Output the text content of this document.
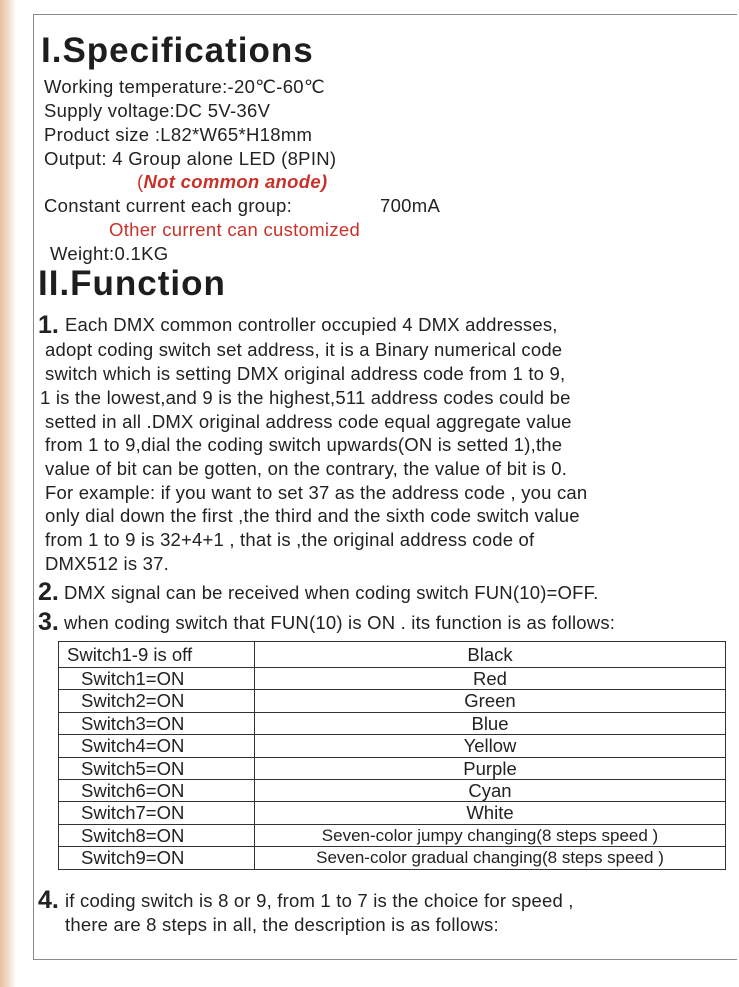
I.Specifications
Working temperature:-20℃-60℃
Supply voltage:DC 5V-36V
Product size :L82*W65*H18mm
Output: 4 Group alone LED (8PIN)
(Not common anode)
Constant current each group:	700mA
Other current can customized
Weight:0.1KG
II.Function
1. Each DMX common controller occupied 4 DMX addresses,
adopt coding switch set address, it is a Binary numerical code
switch which is setting DMX original address code from 1 to 9,
1 is the lowest,and 9 is the highest,511 address codes could be
setted in all .DMX original address code equal aggregate value
from 1 to 9,dial the coding switch upwards(ON is setted 1),the
value of bit can be gotten, on the contrary, the value of bit is 0.
For example: if you want to set 37 as the address code , you can
only dial down the first ,the third and the sixth code switch value
from 1 to 9 is 32+4+1 , that is ,the original address code of
DMX512 is 37.
2. DMX signal can be received when coding switch FUN(10)=OFF.
3. when coding switch that FUN(10) is ON . its function is as follows:
Switch1-9 is off	Black
Switch1=ON	Red
Switch2=ON	Green
Switch3=ON	Blue
Switch4=ON	Yellow
Switch5=ON	Purple
Switch6=ON	Cyan
Switch7=ON	White
Switch8=ON	Seven-color jumpy changing(8 steps speed )
Switch9=ON	Seven-color gradual changing(8 steps speed )
4. if coding switch is 8 or 9, from 1 to 7 is the choice for speed ,
there are 8 steps in all, the description is as follows:
